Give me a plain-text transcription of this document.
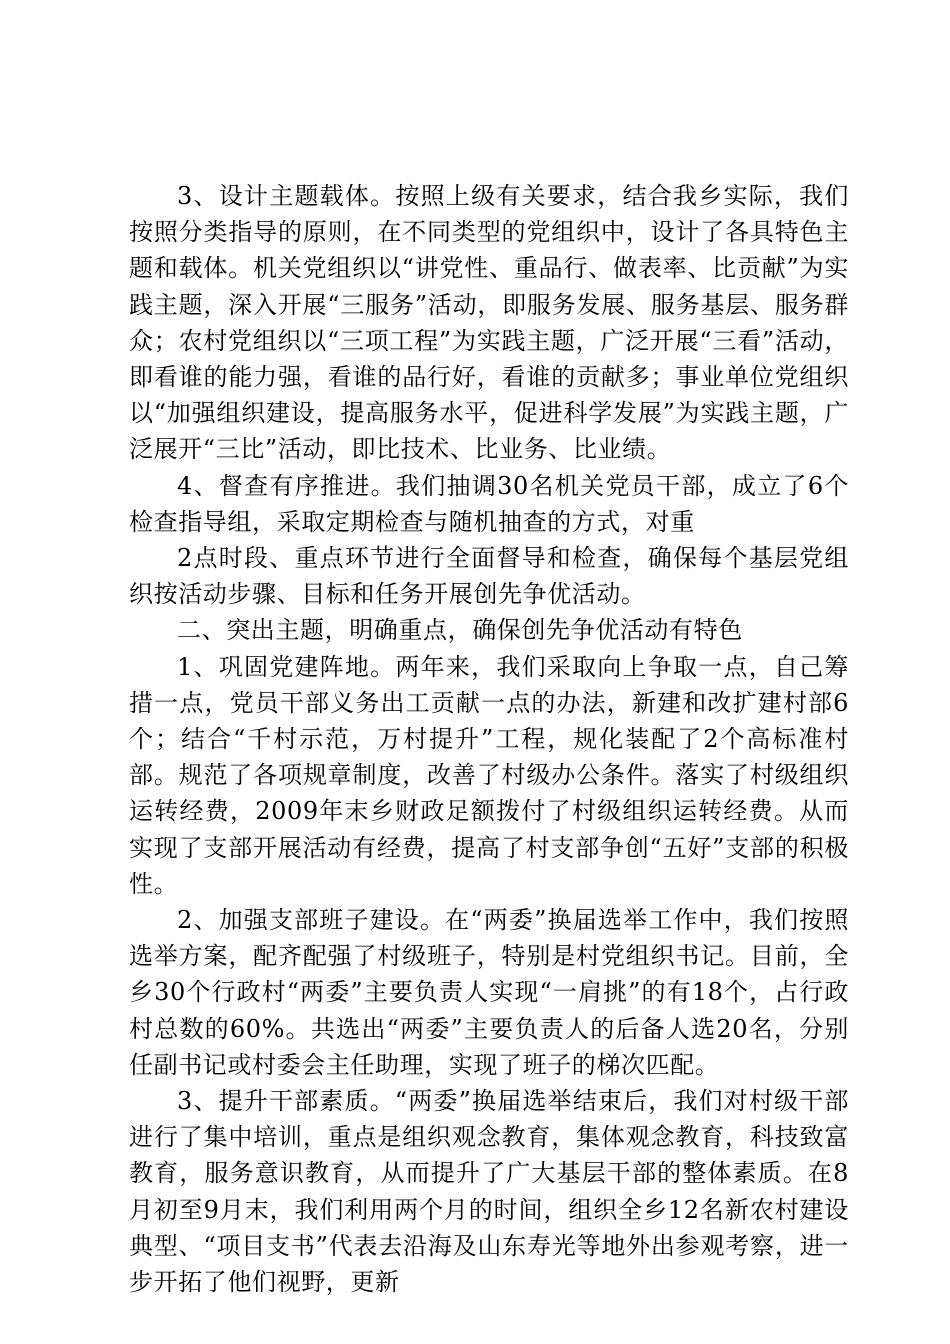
3、设计主题载体。按照上级有关要求，结合我乡实际，我们按照分类指导的原则，在不同类型的党组织中，设计了各具特色主题和载体。机关党组织以“讲党性、重品行、做表率、比贡献”为实践主题，深入开展“三服务”活动，即服务发展、服务基层、服务群众；农村党组织以“三项工程”为实践主题，广泛开展“三看”活动，即看谁的能力强，看谁的品行好，看谁的贡献多；事业单位党组织以“加强组织建设，提高服务水平，促进科学发展”为实践主题，广泛展开“三比”活动，即比技术、比业务、比业绩。

4、督查有序推进。我们抽调30名机关党员干部，成立了6个检查指导组，采取定期检查与随机抽查的方式，对重

2点时段、重点环节进行全面督导和检查，确保每个基层党组织按活动步骤、目标和任务开展创先争优活动。

二、突出主题，明确重点，确保创先争优活动有特色

1、巩固党建阵地。两年来，我们采取向上争取一点，自己筹措一点，党员干部义务出工贡献一点的办法，新建和改扩建村部6个；结合“千村示范，万村提升”工程，规化装配了2个高标准村部。规范了各项规章制度，改善了村级办公条件。落实了村级组织运转经费，2009年末乡财政足额拨付了村级组织运转经费。从而实现了支部开展活动有经费，提高了村支部争创“五好”支部的积极性。

2、加强支部班子建设。在“两委”换届选举工作中，我们按照选举方案，配齐配强了村级班子，特别是村党组织书记。目前，全乡30个行政村“两委”主要负责人实现“一肩挑”的有18个，占行政村总数的60%。共选出“两委”主要负责人的后备人选20名，分别任副书记或村委会主任助理，实现了班子的梯次匹配。

3、提升干部素质。“两委”换届选举结束后，我们对村级干部进行了集中培训，重点是组织观念教育，集体观念教育，科技致富教育，服务意识教育，从而提升了广大基层干部的整体素质。在8月初至9月末，我们利用两个月的时间，组织全乡12名新农村建设典型、“项目支书”代表去沿海及山东寿光等地外出参观考察，进一步开拓了他们视野，更新
